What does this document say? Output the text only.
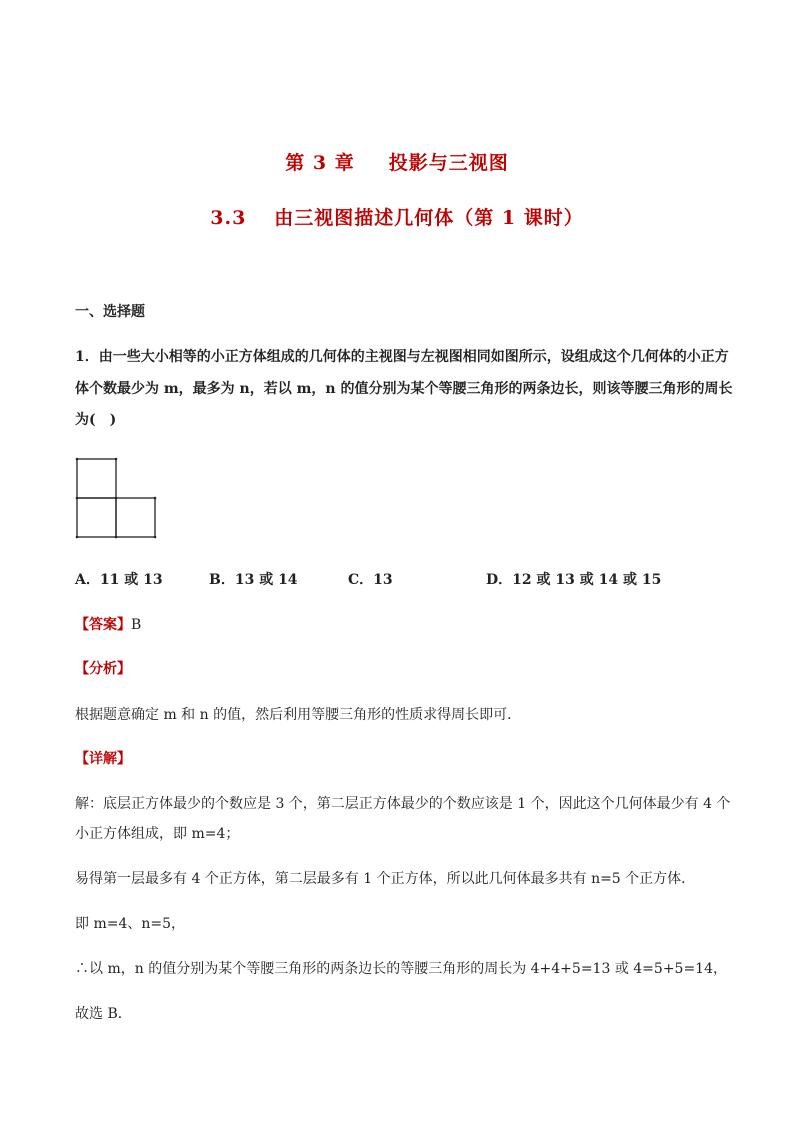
第 3 章 投影与三视图
3.3 由三视图描述几何体（第 1 课时）
一、选择题
1．由一些大小相等的小正方体组成的几何体的主视图与左视图相同如图所示，设组成这个几何体的小正方
体个数最少为 m，最多为 n，若以 m，n 的值分别为某个等腰三角形的两条边长，则该等腰三角形的周长
为(　)
A．11 或 13	B．13 或 14	C．13	D．12 或 13 或 14 或 15
【答案】B
【分析】
根据题意确定 m 和 n 的值，然后利用等腰三角形的性质求得周长即可．
【详解】
解：底层正方体最少的个数应是 3 个，第二层正方体最少的个数应该是 1 个，因此这个几何体最少有 4 个
小正方体组成，即 m=4；
易得第一层最多有 4 个正方体，第二层最多有 1 个正方体，所以此几何体最多共有 n=5 个正方体．
即 m=4、n=5，
∴以 m，n 的值分别为某个等腰三角形的两条边长的等腰三角形的周长为 4+4+5=13 或 4=5+5=14，
故选 B．
